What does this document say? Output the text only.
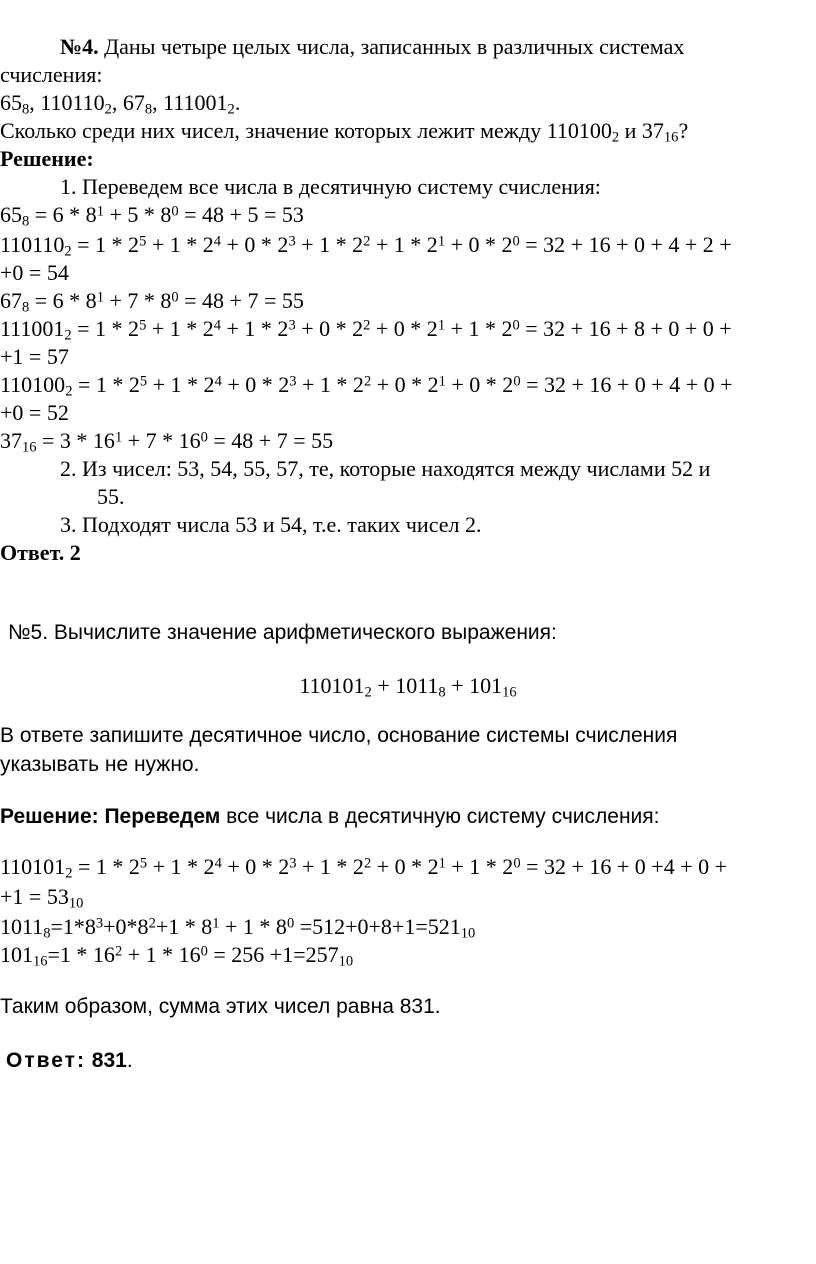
№4. Даны четыре целых числа, записанных в различных системах
счисления:
$65_8$, $110110_2$, $67_8$, $111001_2$.
Сколько среди них чисел, значение которых лежит между $110100_2$ и $37_{16}$?
Решение:
1. Переведем все числа в десятичную систему счисления:
$65_8 = 6 * 8^1 + 5 * 8^0 = 48 + 5 = 53$
$110110_2 = 1 * 2^5 + 1 * 2^4 + 0 * 2^3 + 1 * 2^2 + 1 * 2^1 + 0 * 2^0 = 32 + 16 + 0 + 4 + 2$ +
+0 = 54
$67_8 = 6 * 8^1 + 7 * 8^0 = 48 + 7 = 55$
$111001_2 = 1 * 2^5 + 1 * 2^4 + 1 * 2^3 + 0 * 2^2 + 0 * 2^1 + 1 * 2^0 = 32 + 16 + 8 + 0 + 0$ +
+1 = 57
$110100_2 = 1 * 2^5 + 1 * 2^4 + 0 * 2^3 + 1 * 2^2 + 0 * 2^1 + 0 * 2^0 = 32 + 16 + 0 + 4 + 0$ +
+0 = 52
$37_{16} = 3 * 16^1 + 7 * 16^0 = 48 + 7 = 55$
2. Из чисел: 53, 54, 55, 57, те, которые находятся между числами 52 и
55.
3. Подходят числа 53 и 54, т.е. таких чисел 2.
Ответ. 2
№5. Вычислите значение арифметического выражения:
$110101_2 + 1011_8 + 101_{16}$
В ответе запишите десятичное число, основание системы счисления
указывать не нужно.
Решение: Переведем все числа в десятичную систему счисления:
$110101_2 = 1 * 2^5 + 1 * 2^4 + 0 * 2^3 + 1 * 2^2 + 0 * 2^1 + 1 * 2^0 = 32 + 16 + 0 +4 + 0$ +
$+1 = 53_{10}$
$1011_8=1*8^3+0*8^2+1 * 8^1 + 1 * 8^0 =512+0+8+1=521_{10}$
$101_{16}=1 * 16^2 + 1 * 16^0 = 256 +1=257_{10}$
Таким образом, сумма этих чисел равна 831.
Ответ: 831.
